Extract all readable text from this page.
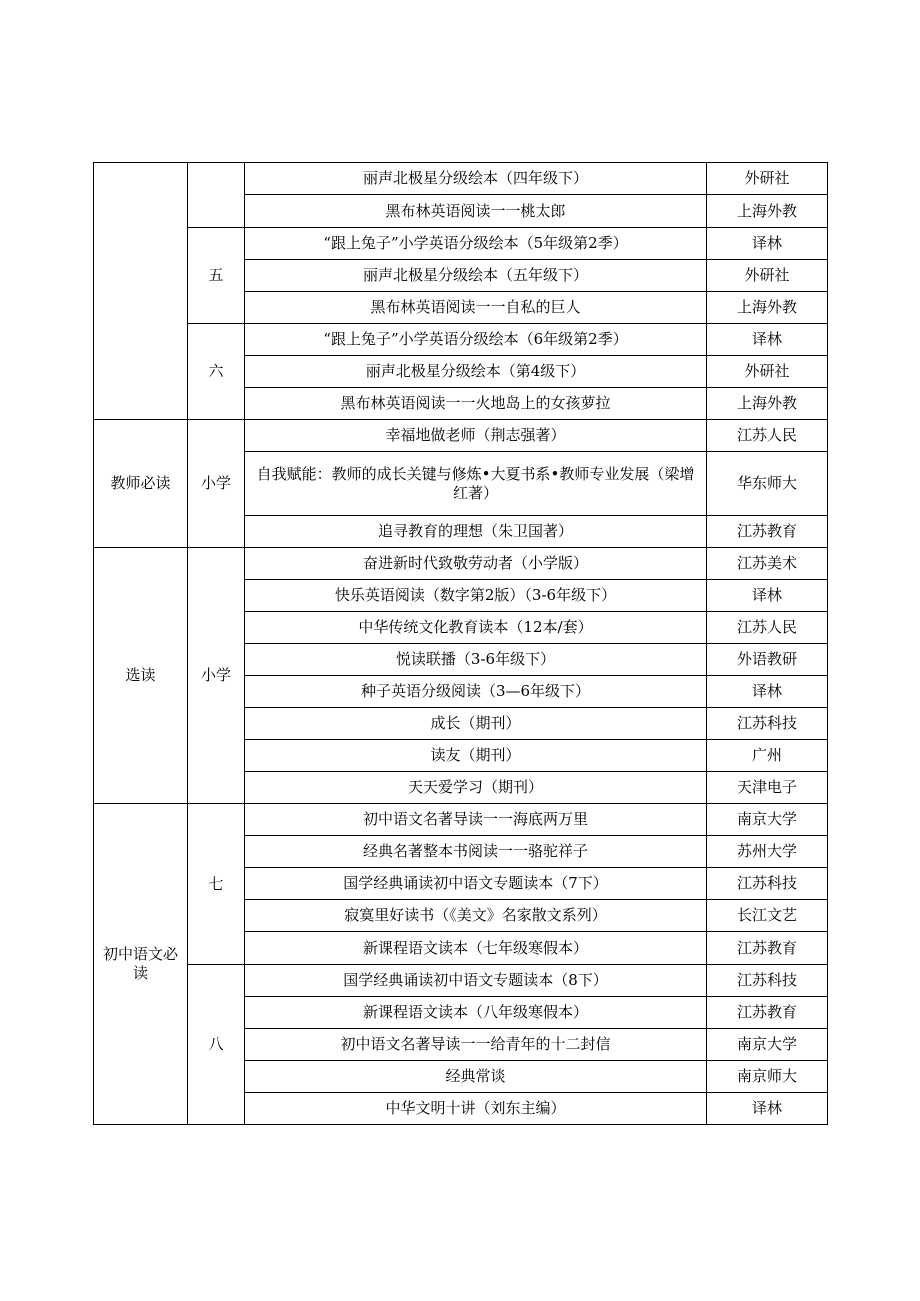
		丽声北极星分级绘本（四年级下）	外研社
		黑布林英语阅读一一桃太郎	上海外教
	五	“跟上兔子”小学英语分级绘本（5年级第2季）	译林
		丽声北极星分级绘本（五年级下）	外研社
		黑布林英语阅读一一自私的巨人	上海外教
	六	“跟上兔子”小学英语分级绘本（6年级第2季）	译林
		丽声北极星分级绘本（第4级下）	外研社
		黑布林英语阅读一一火地岛上的女孩萝拉	上海外教
教师必读	小学	幸福地做老师（荆志强著）	江苏人民
		自我赋能：教师的成长关键与修炼•大夏书系•教师专业发展（梁增红著）	华东师大
		追寻教育的理想（朱卫国著）	江苏教育
选读	小学	奋进新时代致敬劳动者（小学版）	江苏美术
		快乐英语阅读（数字第2版）（3-6年级下）	译林
		中华传统文化教育读本（12本/套）	江苏人民
		悦读联播（3-6年级下）	外语教研
		种子英语分级阅读（3—6年级下）	译林
		成长（期刊）	江苏科技
		读友（期刊）	广州
		天天爱学习（期刊）	天津电子
初中语文必读	七	初中语文名著导读一一海底两万里	南京大学
		经典名著整本书阅读一一骆驼祥子	苏州大学
		国学经典诵读初中语文专题读本（7下）	江苏科技
		寂寞里好读书（《美文》名家散文系列）	长江文艺
		新课程语文读本（七年级寒假本）	江苏教育
	八	国学经典诵读初中语文专题读本（8下）	江苏科技
		新课程语文读本（八年级寒假本）	江苏教育
		初中语文名著导读一一给青年的十二封信	南京大学
		经典常谈	南京师大
		中华文明十讲（刘东主编）	译林
